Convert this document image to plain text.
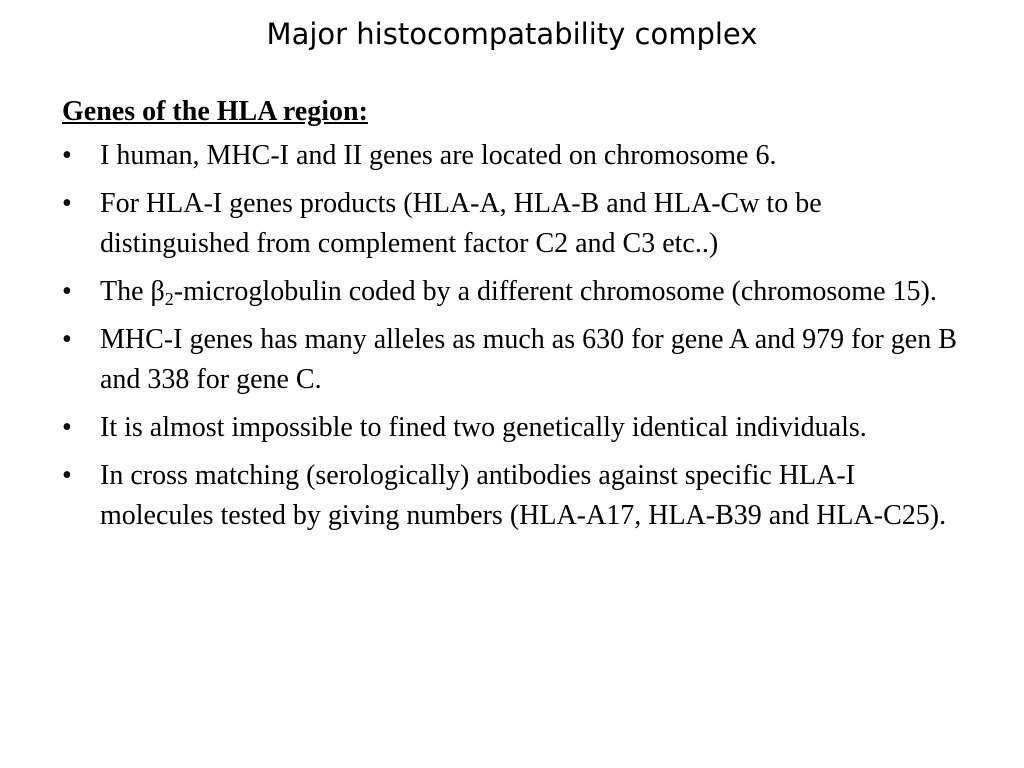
Major histocompatability complex
Genes of the HLA region:
•	I human, MHC-I and II genes are located on chromosome 6.
•	For HLA-I genes products (HLA-A, HLA-B and HLA-Cw to be distinguished from complement factor C2 and C3 etc..)
•	The $\beta_2$-microglobulin coded by a different chromosome (chromosome 15).
•	MHC-I genes has many alleles as much as 630 for gene A and 979 for gen B and 338 for gene C.
•	It is almost impossible to fined two genetically identical individuals.
•	In cross matching (serologically) antibodies against specific HLA-I molecules tested by giving numbers (HLA-A17, HLA-B39 and HLA-C25).
